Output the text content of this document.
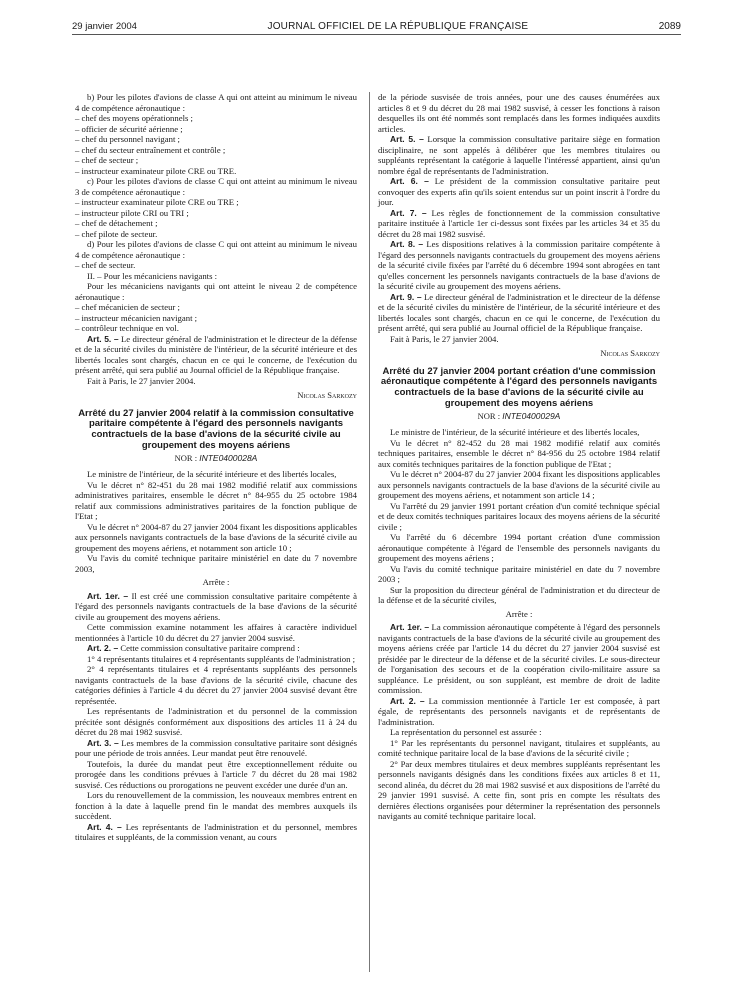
29 janvier 2004	JOURNAL OFFICIEL DE LA RÉPUBLIQUE FRANÇAISE	2089

b) Pour les pilotes d'avions de classe A qui ont atteint au minimum le niveau 4 de compétence aéronautique :

– chef des moyens opérationnels ;

– officier de sécurité aérienne ;

– chef du personnel navigant ;

– chef du secteur entraînement et contrôle ;

– chef de secteur ;

– instructeur examinateur pilote CRE ou TRE.

c) Pour les pilotes d'avions de classe C qui ont atteint au minimum le niveau 3 de compétence aéronautique :

– instructeur examinateur pilote CRE ou TRE ;

– instructeur pilote CRI ou TRI ;

– chef de détachement ;

– chef pilote de secteur.

d) Pour les pilotes d'avions de classe C qui ont atteint au minimum le niveau 4 de compétence aéronautique :

– chef de secteur.

II. – Pour les mécaniciens navigants :

Pour les mécaniciens navigants qui ont atteint le niveau 2 de compétence aéronautique :

– chef mécanicien de secteur ;

– instructeur mécanicien navigant ;

– contrôleur technique en vol.

Art. 5. – Le directeur général de l'administration et le directeur de la défense et de la sécurité civiles du ministère de l'intérieur, de la sécurité intérieure et des libertés locales sont chargés, chacun en ce qui le concerne, de l'exécution du présent arrêté, qui sera publié au Journal officiel de la République française.

Fait à Paris, le 27 janvier 2004.

Nicolas Sarkozy

Arrêté du 27 janvier 2004 relatif à la commission consultative paritaire compétente à l'égard des personnels navigants contractuels de la base d'avions de la sécurité civile au groupement des moyens aériens

NOR : INTE0400028A

Le ministre de l'intérieur, de la sécurité intérieure et des libertés locales,

Vu le décret n° 82-451 du 28 mai 1982 modifié relatif aux commissions administratives paritaires, ensemble le décret n° 84-955 du 25 octobre 1984 relatif aux commissions administratives paritaires de la fonction publique de l'Etat ;

Vu le décret n° 2004-87 du 27 janvier 2004 fixant les dispositions applicables aux personnels navigants contractuels de la base d'avions de la sécurité civile au groupement des moyens aériens, et notamment son article 10 ;

Vu l'avis du comité technique paritaire ministériel en date du 7 novembre 2003,

Arrête :

Art. 1er. – Il est créé une commission consultative paritaire compétente à l'égard des personnels navigants contractuels de la base d'avions de la sécurité civile au groupement des moyens aériens.

Cette commission examine notamment les affaires à caractère individuel mentionnées à l'article 10 du décret du 27 janvier 2004 susvisé.

Art. 2. – Cette commission consultative paritaire comprend :

1° 4 représentants titulaires et 4 représentants suppléants de l'administration ;

2° 4 représentants titulaires et 4 représentants suppléants des personnels navigants contractuels de la base d'avions de la sécurité civile, chacune des catégories définies à l'article 4 du décret du 27 janvier 2004 susvisé devant être représentée.

Les représentants de l'administration et du personnel de la commission précitée sont désignés conformément aux dispositions des articles 11 à 24 du décret du 28 mai 1982 susvisé.

Art. 3. – Les membres de la commission consultative paritaire sont désignés pour une période de trois années. Leur mandat peut être renouvelé.

Toutefois, la durée du mandat peut être exceptionnellement réduite ou prorogée dans les conditions prévues à l'article 7 du décret du 28 mai 1982 susvisé. Ces réductions ou prorogations ne peuvent excéder une durée d'un an.

Lors du renouvellement de la commission, les nouveaux membres entrent en fonction à la date à laquelle prend fin le mandat des membres auxquels ils succèdent.

Art. 4. – Les représentants de l'administration et du personnel, membres titulaires et suppléants, de la commission venant, au cours

de la période susvisée de trois années, pour une des causes énumérées aux articles 8 et 9 du décret du 28 mai 1982 susvisé, à cesser les fonctions à raison desquelles ils ont été nommés sont remplacés dans les formes indiquées auxdits articles.

Art. 5. – Lorsque la commission consultative paritaire siège en formation disciplinaire, ne sont appelés à délibérer que les membres titulaires ou suppléants représentant la catégorie à laquelle l'intéressé appartient, ainsi qu'un nombre égal de représentants de l'administration.

Art. 6. – Le président de la commission consultative paritaire peut convoquer des experts afin qu'ils soient entendus sur un point inscrit à l'ordre du jour.

Art. 7. – Les règles de fonctionnement de la commission consultative paritaire instituée à l'article 1er ci-dessus sont fixées par les articles 34 et 35 du décret du 28 mai 1982 susvisé.

Art. 8. – Les dispositions relatives à la commission paritaire compétente à l'égard des personnels navigants contractuels du groupement des moyens aériens de la sécurité civile fixées par l'arrêté du 6 décembre 1994 sont abrogées en tant qu'elles concernent les personnels navigants contractuels de la base d'avions de la sécurité civile au groupement des moyens aériens.

Art. 9. – Le directeur général de l'administration et le directeur de la défense et de la sécurité civiles du ministère de l'intérieur, de la sécurité intérieure et des libertés locales sont chargés, chacun en ce qui le concerne, de l'exécution du présent arrêté, qui sera publié au Journal officiel de la République française.

Fait à Paris, le 27 janvier 2004.

Nicolas Sarkozy

Arrêté du 27 janvier 2004 portant création d'une commission aéronautique compétente à l'égard des personnels navigants contractuels de la base d'avions de la sécurité civile au groupement des moyens aériens

NOR : INTE0400029A

Le ministre de l'intérieur, de la sécurité intérieure et des libertés locales,

Vu le décret n° 82-452 du 28 mai 1982 modifié relatif aux comités techniques paritaires, ensemble le décret n° 84-956 du 25 octobre 1984 relatif aux comités techniques paritaires de la fonction publique de l'Etat ;

Vu le décret n° 2004-87 du 27 janvier 2004 fixant les dispositions applicables aux personnels navigants contractuels de la base d'avions de la sécurité civile au groupement des moyens aériens, et notamment son article 14 ;

Vu l'arrêté du 29 janvier 1991 portant création d'un comité technique spécial et de deux comités techniques paritaires locaux des moyens aériens de la sécurité civile ;

Vu l'arrêté du 6 décembre 1994 portant création d'une commission aéronautique compétente à l'égard de l'ensemble des personnels navigants du groupement des moyens aériens ;

Vu l'avis du comité technique paritaire ministériel en date du 7 novembre 2003 ;

Sur la proposition du directeur général de l'administration et du directeur de la défense et de la sécurité civiles,

Arrête :

Art. 1er. – La commission aéronautique compétente à l'égard des personnels navigants contractuels de la base d'avions de la sécurité civile au groupement des moyens aériens créée par l'article 14 du décret du 27 janvier 2004 susvisé est présidée par le directeur de la défense et de la sécurité civiles. Le sous-directeur de l'organisation des secours et de la coopération civilo-militaire assure sa suppléance. Le président, ou son suppléant, est membre de droit de ladite commission.

Art. 2. – La commission mentionnée à l'article 1er est composée, à part égale, de représentants des personnels navigants et de représentants de l'administration.

La représentation du personnel est assurée :

1° Par les représentants du personnel navigant, titulaires et suppléants, au comité technique paritaire local de la base d'avions de la sécurité civile ;

2° Par deux membres titulaires et deux membres suppléants représentant les personnels navigants désignés dans les conditions fixées aux articles 8 et 11, second alinéa, du décret du 28 mai 1982 susvisé et aux dispositions de l'arrêté du 29 janvier 1991 susvisé. A cette fin, sont pris en compte les résultats des dernières élections organisées pour déterminer la représentation des personnels navigants au comité technique paritaire local.
